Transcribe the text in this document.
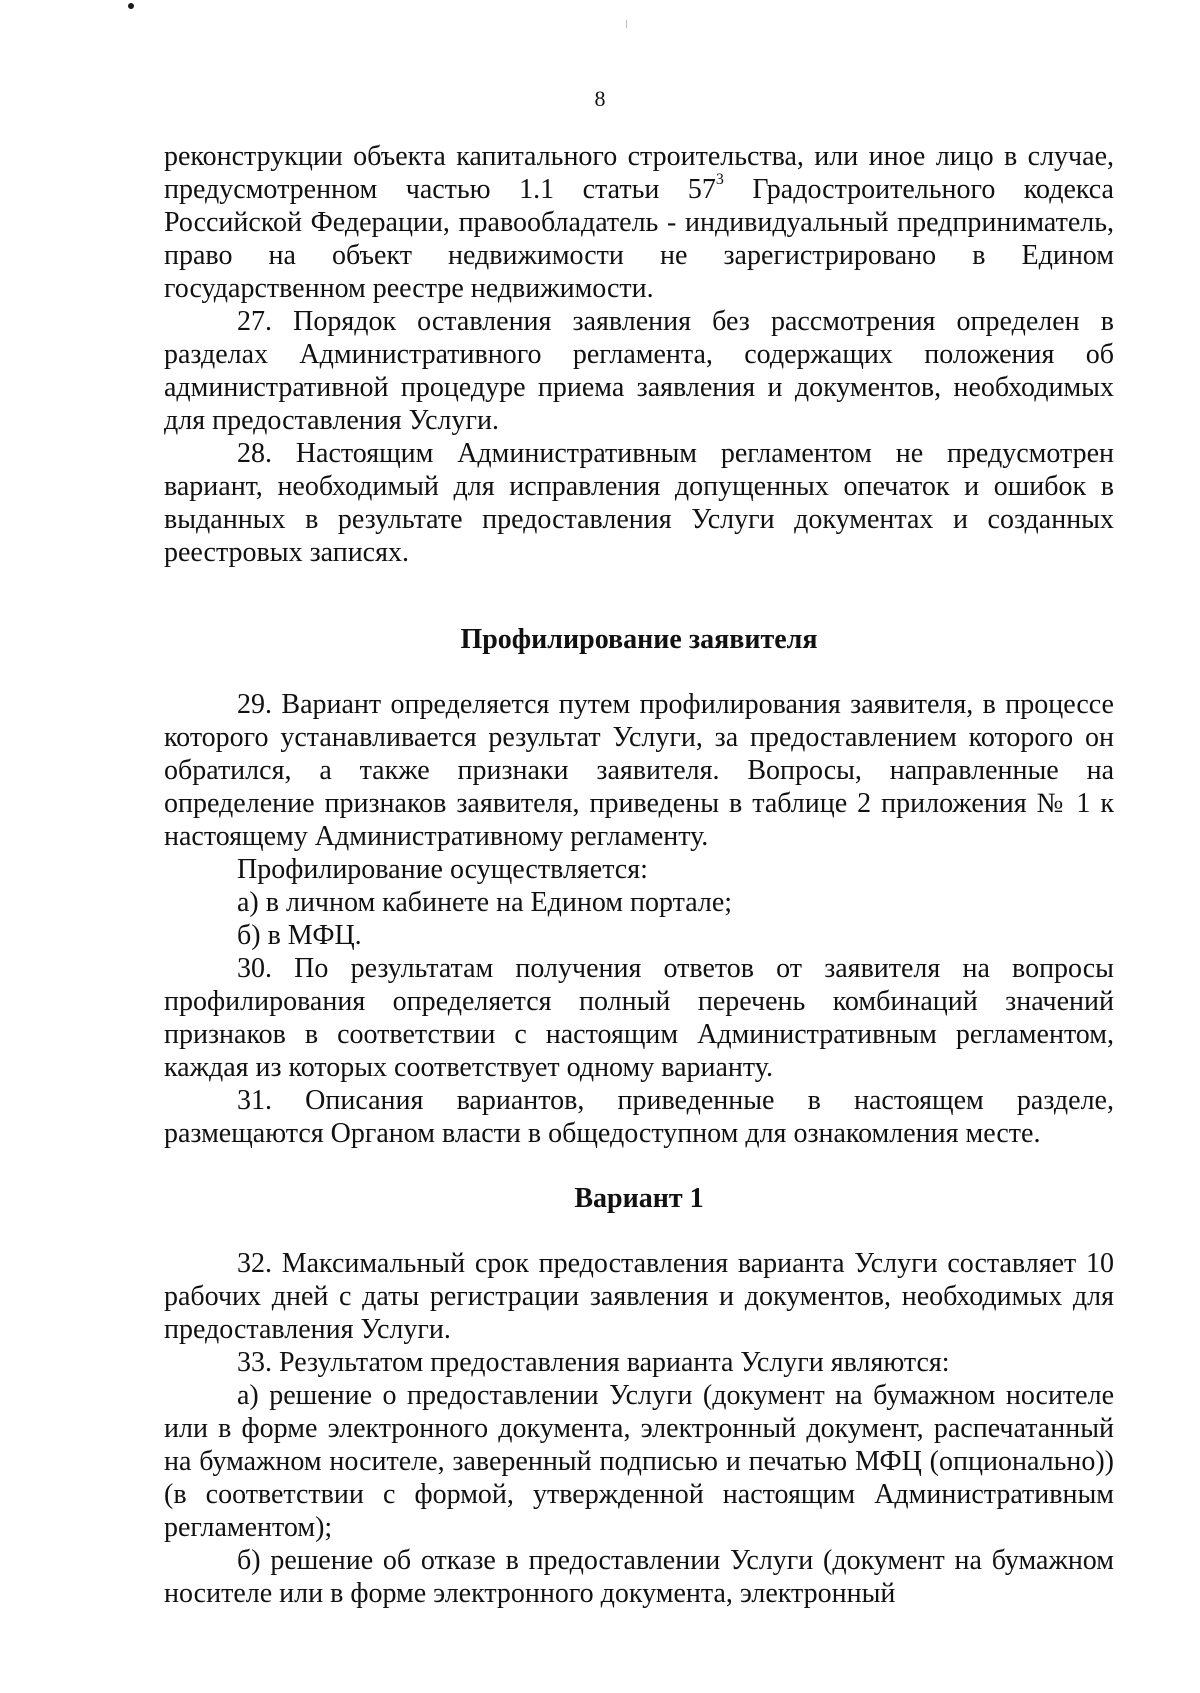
8

реконструкции объекта капитального строительства, или иное лицо в случае, предусмотренном частью 1.1 статьи $57^3$ Градостроительного кодекса Российской Федерации, правообладатель - индивидуальный предприниматель, право на объект недвижимости не зарегистрировано в Едином государственном реестре недвижимости.

27. Порядок оставления заявления без рассмотрения определен в разделах Административного регламента, содержащих положения об административной процедуре приема заявления и документов, необходимых для предоставления Услуги.

28. Настоящим Административным регламентом не предусмотрен вариант, необходимый для исправления допущенных опечаток и ошибок в выданных в результате предоставления Услуги документах и созданных реестровых записях.

Профилирование заявителя

29. Вариант определяется путем профилирования заявителя, в процессе которого устанавливается результат Услуги, за предоставлением которого он обратился, а также признаки заявителя. Вопросы, направленные на определение признаков заявителя, приведены в таблице 2 приложения № 1 к настоящему Административному регламенту.

Профилирование осуществляется:

а) в личном кабинете на Едином портале;

б) в МФЦ.

30. По результатам получения ответов от заявителя на вопросы профилирования определяется полный перечень комбинаций значений признаков в соответствии с настоящим Административным регламентом, каждая из которых соответствует одному варианту.

31. Описания вариантов, приведенные в настоящем разделе, размещаются Органом власти в общедоступном для ознакомления месте.

Вариант 1

32. Максимальный срок предоставления варианта Услуги составляет 10 рабочих дней с даты регистрации заявления и документов, необходимых для предоставления Услуги.

33. Результатом предоставления варианта Услуги являются:

а) решение о предоставлении Услуги (документ на бумажном носителе или в форме электронного документа, электронный документ, распечатанный на бумажном носителе, заверенный подписью и печатью МФЦ (опционально)) (в соответствии с формой, утвержденной настоящим Административным регламентом);

б) решение об отказе в предоставлении Услуги (документ на бумажном носителе или в форме электронного документа, электронный
